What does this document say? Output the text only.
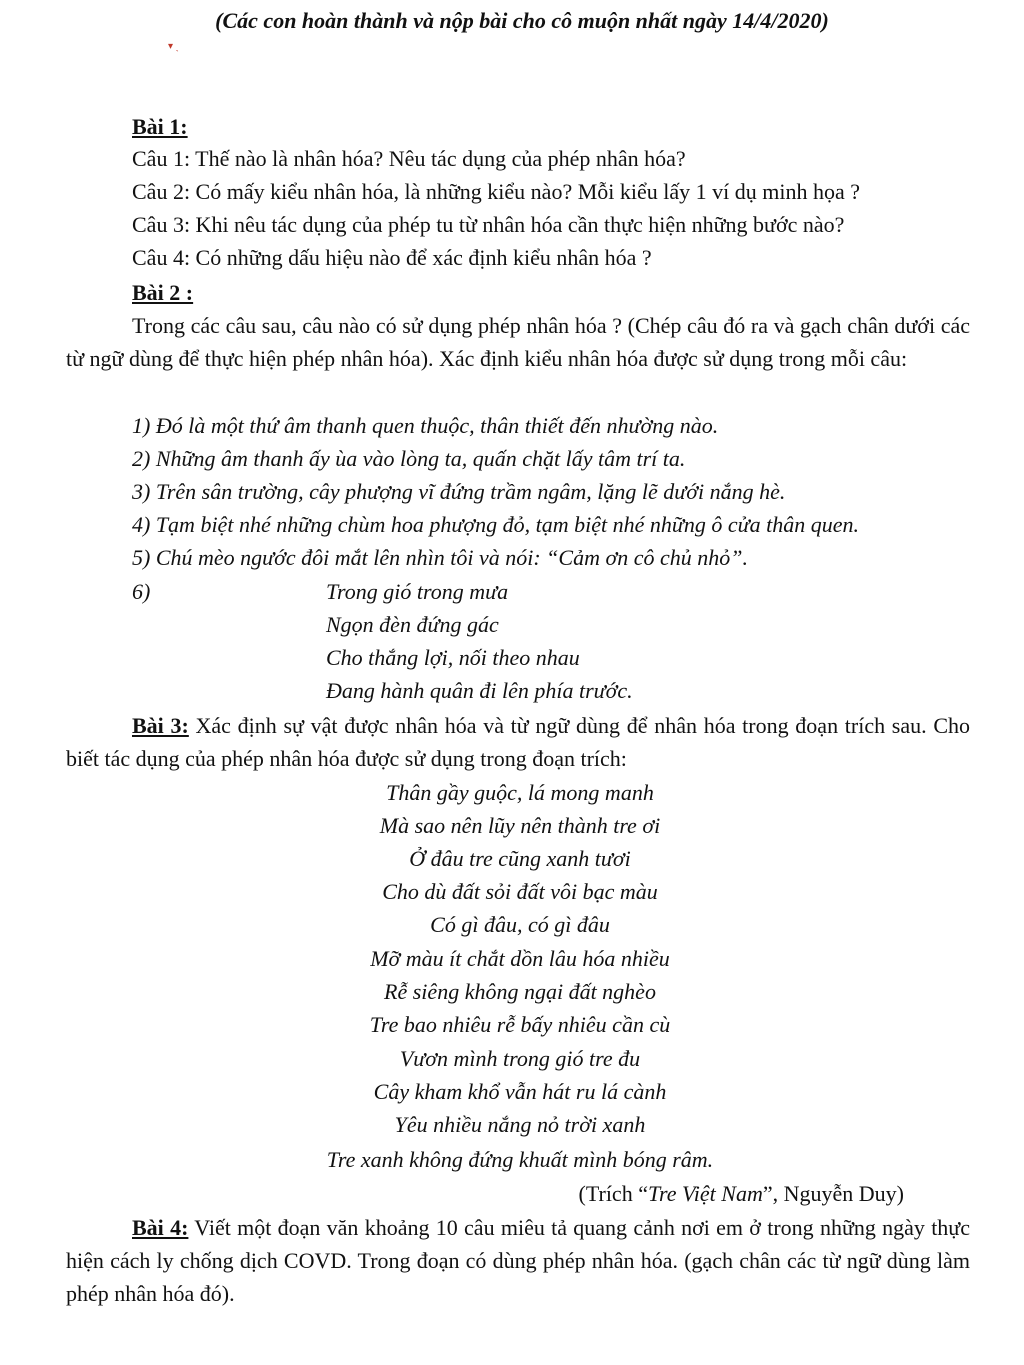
(Các con hoàn thành và nộp bài cho cô muộn nhất ngày 14/4/2020)
▾ ˎ
Bài 1:
Câu 1: Thế nào là nhân hóa? Nêu tác dụng của phép nhân hóa?
Câu 2: Có mấy kiểu nhân hóa, là những kiểu nào? Mỗi kiểu lấy 1 ví dụ minh họa ?
Câu 3: Khi nêu tác dụng của phép tu từ nhân hóa cần thực hiện những bước nào?
Câu 4: Có những dấu hiệu nào để xác định kiểu nhân hóa ?
Bài 2 :
Trong các câu sau, câu nào có sử dụng phép nhân hóa ? (Chép câu đó ra và gạch chân dưới các từ ngữ dùng để thực hiện phép nhân hóa). Xác định kiểu nhân hóa được sử dụng trong mỗi câu:
1) Đó là một thứ âm thanh quen thuộc, thân thiết đến nhường nào.
2) Những âm thanh ấy ùa vào lòng ta, quấn chặt lấy tâm trí ta.
3) Trên sân trường, cây phượng vĩ đứng trầm ngâm, lặng lẽ dưới nắng hè.
4) Tạm biệt nhé những chùm hoa phượng đỏ, tạm biệt nhé những ô cửa thân quen.
5) Chú mèo ngước đôi mắt lên nhìn tôi và nói: “Cảm ơn cô chủ nhỏ”.
6)	Trong gió trong mưa
Ngọn đèn đứng gác
Cho thắng lợi, nối theo nhau
Đang hành quân đi lên phía trước.
Bài 3: Xác định sự vật được nhân hóa và từ ngữ dùng để nhân hóa trong đoạn trích sau. Cho biết tác dụng của phép nhân hóa được sử dụng trong đoạn trích:
Thân gầy guộc, lá mong manh
Mà sao nên lũy nên thành tre ơi
Ở đâu tre cũng xanh tươi
Cho dù đất sỏi đất vôi bạc màu
Có gì đâu, có gì đâu
Mỡ màu ít chắt dồn lâu hóa nhiều
Rễ siêng không ngại đất nghèo
Tre bao nhiêu rễ bấy nhiêu cần cù
Vươn mình trong gió tre đu
Cây kham khổ vẫn hát ru lá cành
Yêu nhiều nắng nỏ trời xanh
Tre xanh không đứng khuất mình bóng râm.
(Trích “Tre Việt Nam”, Nguyễn Duy)
Bài 4: Viết một đoạn văn khoảng 10 câu miêu tả quang cảnh nơi em ở trong những ngày thực hiện cách ly chống dịch COVD. Trong đoạn có dùng phép nhân hóa. (gạch chân các từ ngữ dùng làm phép nhân hóa đó).
